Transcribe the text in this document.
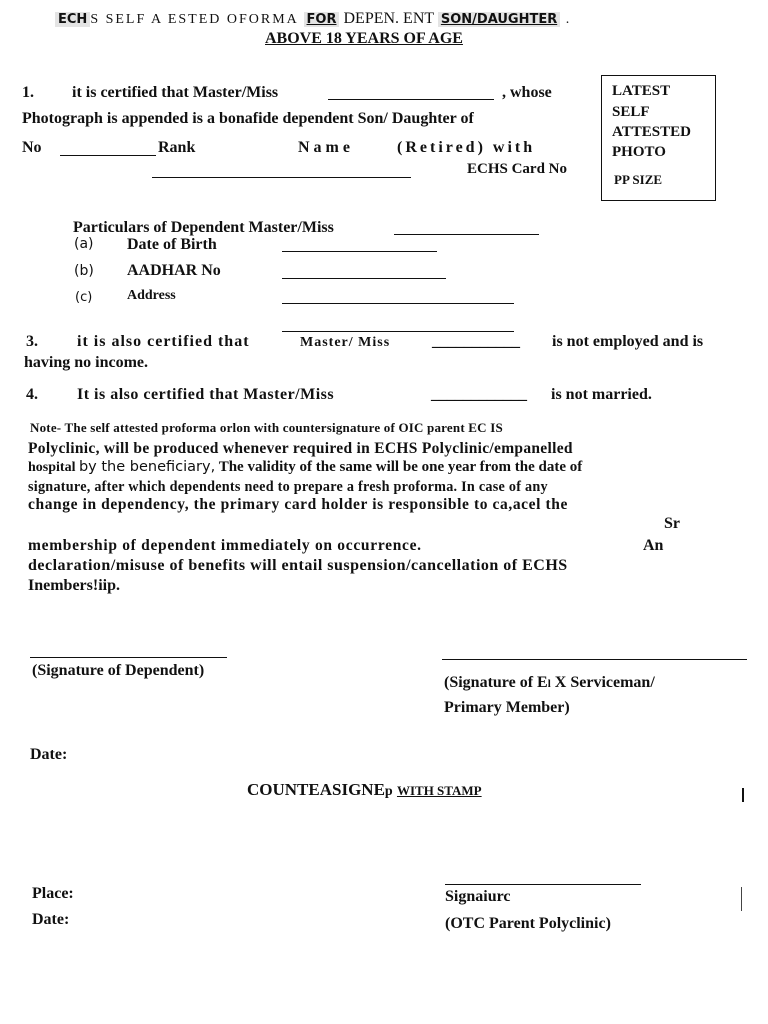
ECH S SELF A ESTED OFORMA FOR DEPEN. ENT SON/DAUGHTER .
ABOVE 18 YEARS OF AGE
LATEST
SELF
ATTESTED
PHOTO
PP SIZE
1. it is certified that Master/Miss	, whose
Photograph is appended is a bonafide dependent Son/ Daughter of
No	Rank	Name	(Retired) with
ECHS Card No
Particulars of Dependent Master/Miss
(a) Date of Birth
(b) AADHAR No
(c) Address
3. it is also certified that	Master/ Miss	___________ is not employed and is
having no income.
4. It is also certified that Master/Miss	____________ is not married.
Note- The self attested proforma orlon with countersignature of OIC parent EC IS
Polyclinic, will be produced whenever required in ECHS Polyclinic/empanelled
hospital by the beneficiary, The validity of the same will be one year from the date of
signature, after which dependents need to prepare a fresh proforma. In case of any
change in dependency, the primary card holder is responsible to ca,acel the
Sr
membership of dependent immediately on occurrence.	An
declaration/misuse of benefits will entail suspension/cancellation of ECHS
Inembers!iip.
(Signature of Dependent)
(Signature of El X Serviceman/
Primary Member)
Date:
COUNTEASIGNEp WITH STAMP
Place:
Date:
Signaiurc
(OTC Parent Polyclinic)
